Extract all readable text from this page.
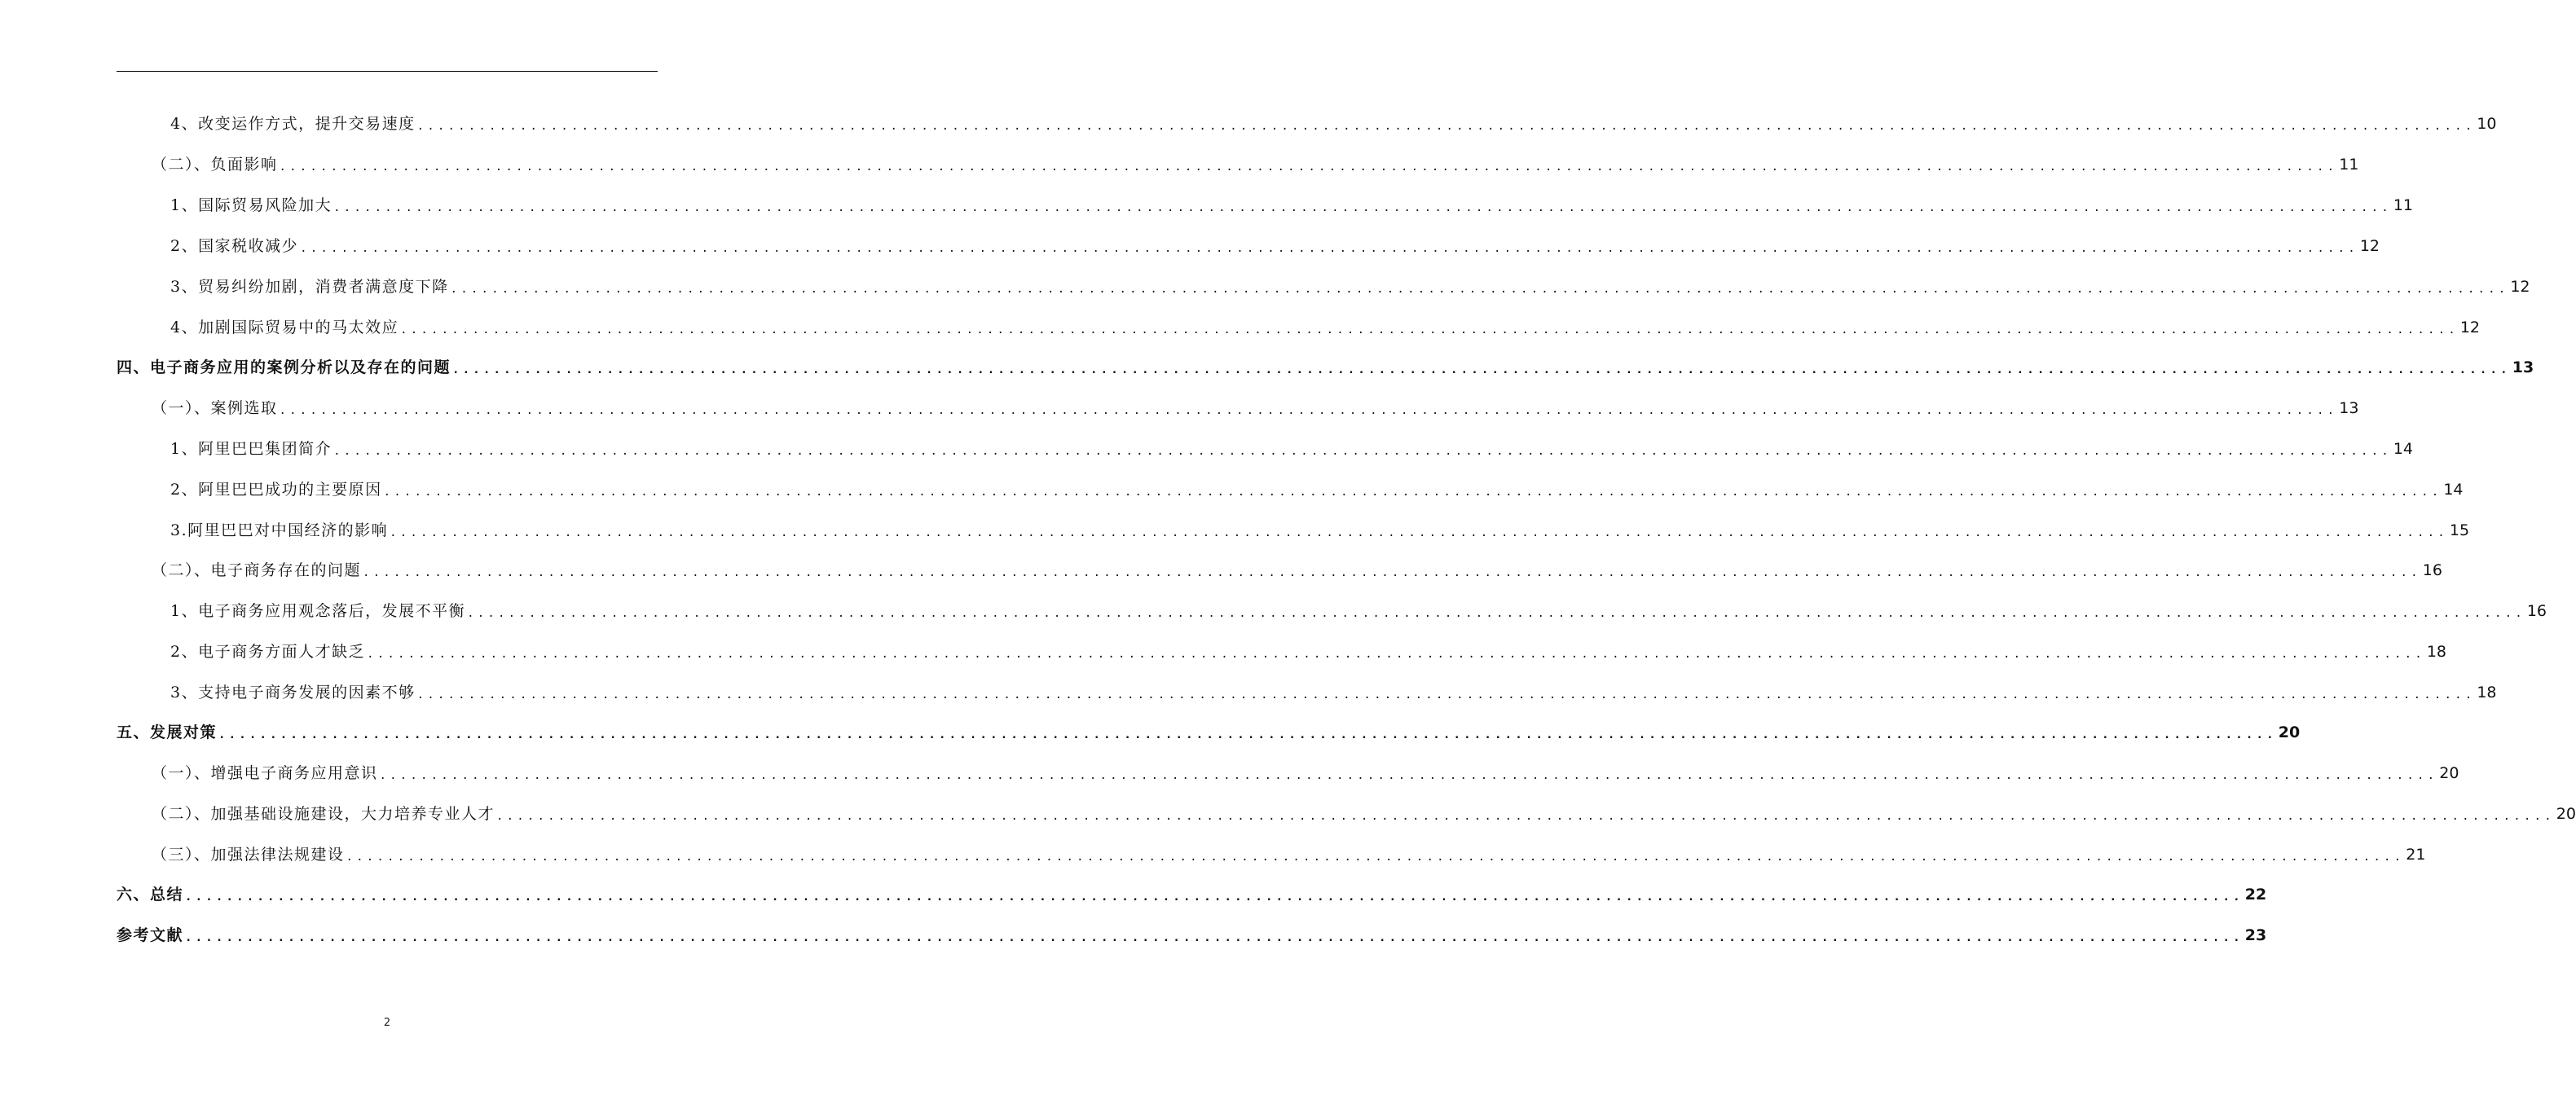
4、改变运作方式，提升交易速度 ........................................................................................................................................................................................................ 10
（二）、负面影响 ........................................................................................................................................................................................................ 11
1、国际贸易风险加大 ........................................................................................................................................................................................................ 11
2、国家税收减少 ........................................................................................................................................................................................................ 12
3、贸易纠纷加剧，消费者满意度下降 ........................................................................................................................................................................................................ 12
4、加剧国际贸易中的马太效应 ........................................................................................................................................................................................................ 12
四、电子商务应用的案例分析以及存在的问题 ........................................................................................................................................................................................................ 13
（一）、案例选取 ........................................................................................................................................................................................................ 13
1、阿里巴巴集团简介 ........................................................................................................................................................................................................ 14
2、阿里巴巴成功的主要原因 ........................................................................................................................................................................................................ 14
3.阿里巴巴对中国经济的影响 ........................................................................................................................................................................................................ 15
（二）、电子商务存在的问题 ........................................................................................................................................................................................................ 16
1、电子商务应用观念落后，发展不平衡 ........................................................................................................................................................................................................ 16
2、电子商务方面人才缺乏 ........................................................................................................................................................................................................ 18
3、支持电子商务发展的因素不够 ........................................................................................................................................................................................................ 18
五、发展对策 ........................................................................................................................................................................................................ 20
（一）、增强电子商务应用意识 ........................................................................................................................................................................................................ 20
（二）、加强基础设施建设，大力培养专业人才 ........................................................................................................................................................................................................ 20
（三）、加强法律法规建设 ........................................................................................................................................................................................................ 21
六、总结 ........................................................................................................................................................................................................ 22
参考文献 ........................................................................................................................................................................................................ 23
2
